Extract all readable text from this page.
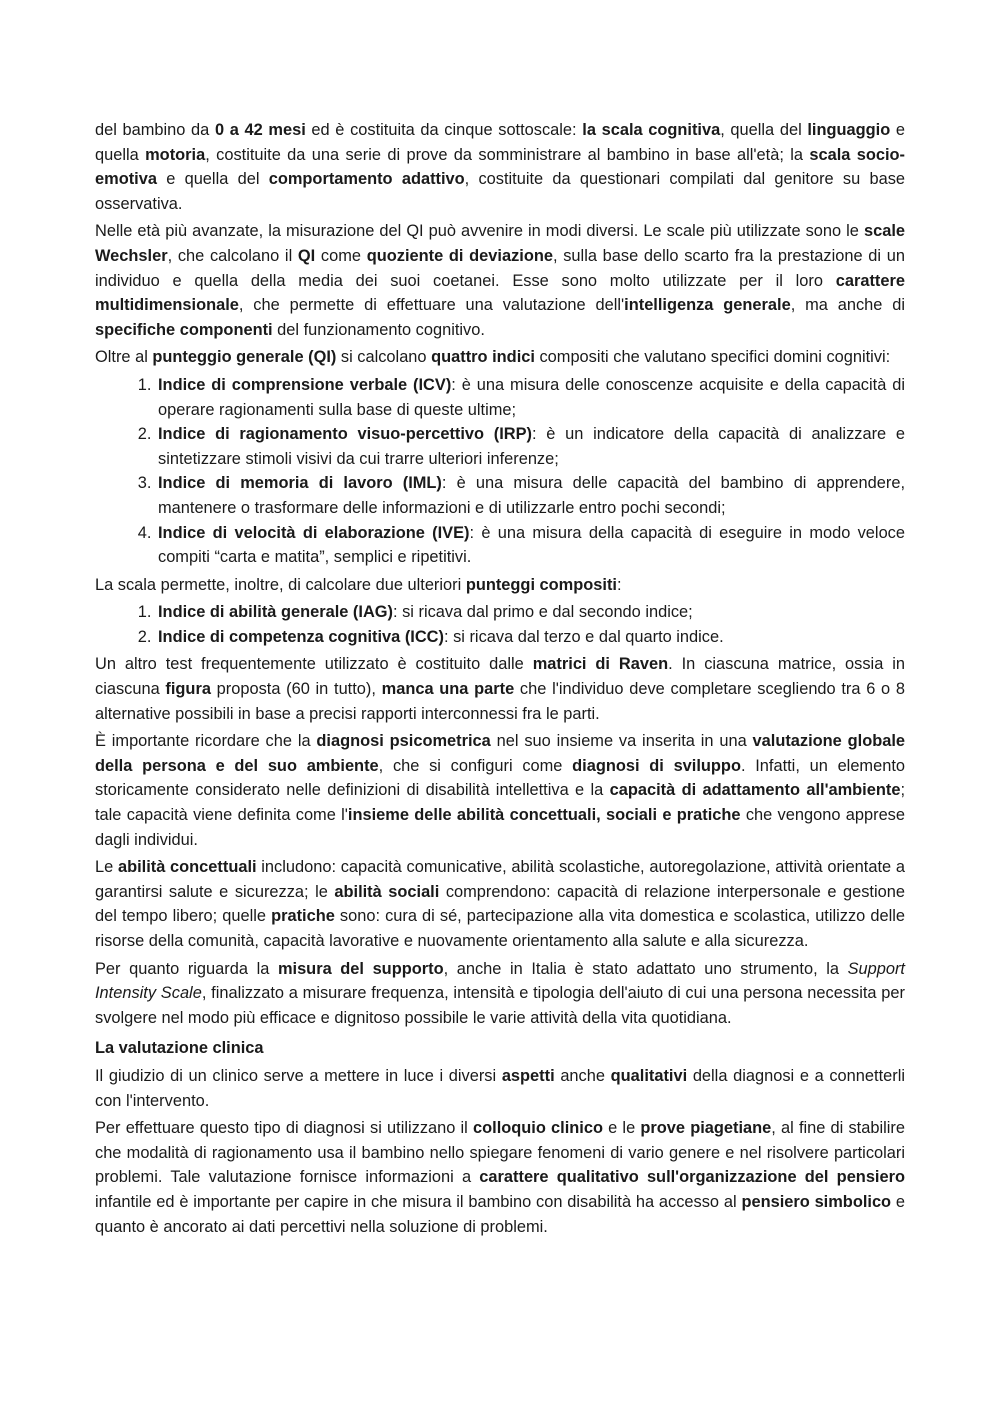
del bambino da 0 a 42 mesi ed è costituita da cinque sottoscale: la scala cognitiva, quella del linguaggio e quella motoria, costituite da una serie di prove da somministrare al bambino in base all'età; la scala socio-emotiva e quella del comportamento adattivo, costituite da questionari compilati dal genitore su base osservativa.

Nelle età più avanzate, la misurazione del QI può avvenire in modi diversi. Le scale più utilizzate sono le scale Wechsler, che calcolano il QI come quoziente di deviazione, sulla base dello scarto fra la prestazione di un individuo e quella della media dei suoi coetanei. Esse sono molto utilizzate per il loro carattere multidimensionale, che permette di effettuare una valutazione dell'intelligenza generale, ma anche di specifiche componenti del funzionamento cognitivo.

Oltre al punteggio generale (QI) si calcolano quattro indici compositi che valutano specifici domini cognitivi:

1. Indice di comprensione verbale (ICV): è una misura delle conoscenze acquisite e della capacità di operare ragionamenti sulla base di queste ultime;
2. Indice di ragionamento visuo-percettivo (IRP): è un indicatore della capacità di analizzare e sintetizzare stimoli visivi da cui trarre ulteriori inferenze;
3. Indice di memoria di lavoro (IML): è una misura delle capacità del bambino di apprendere, mantenere o trasformare delle informazioni e di utilizzarle entro pochi secondi;
4. Indice di velocità di elaborazione (IVE): è una misura della capacità di eseguire in modo veloce compiti “carta e matita”, semplici e ripetitivi.

La scala permette, inoltre, di calcolare due ulteriori punteggi compositi:

1. Indice di abilità generale (IAG): si ricava dal primo e dal secondo indice;
2. Indice di competenza cognitiva (ICC): si ricava dal terzo e dal quarto indice.

Un altro test frequentemente utilizzato è costituito dalle matrici di Raven. In ciascuna matrice, ossia in ciascuna figura proposta (60 in tutto), manca una parte che l'individuo deve completare scegliendo tra 6 o 8 alternative possibili in base a precisi rapporti interconnessi fra le parti.

È importante ricordare che la diagnosi psicometrica nel suo insieme va inserita in una valutazione globale della persona e del suo ambiente, che si configuri come diagnosi di sviluppo. Infatti, un elemento storicamente considerato nelle definizioni di disabilità intellettiva e la capacità di adattamento all'ambiente; tale capacità viene definita come l'insieme delle abilità concettuali, sociali e pratiche che vengono apprese dagli individui.

Le abilità concettuali includono: capacità comunicative, abilità scolastiche, autoregolazione, attività orientate a garantirsi salute e sicurezza; le abilità sociali comprendono: capacità di relazione interpersonale e gestione del tempo libero; quelle pratiche sono: cura di sé, partecipazione alla vita domestica e scolastica, utilizzo delle risorse della comunità, capacità lavorative e nuovamente orientamento alla salute e alla sicurezza.

Per quanto riguarda la misura del supporto, anche in Italia è stato adattato uno strumento, la Support Intensity Scale, finalizzato a misurare frequenza, intensità e tipologia dell'aiuto di cui una persona necessita per svolgere nel modo più efficace e dignitoso possibile le varie attività della vita quotidiana.

La valutazione clinica

Il giudizio di un clinico serve a mettere in luce i diversi aspetti anche qualitativi della diagnosi e a connetterli con l'intervento.

Per effettuare questo tipo di diagnosi si utilizzano il colloquio clinico e le prove piagetiane, al fine di stabilire che modalità di ragionamento usa il bambino nello spiegare fenomeni di vario genere e nel risolvere particolari problemi. Tale valutazione fornisce informazioni a carattere qualitativo sull'organizzazione del pensiero infantile ed è importante per capire in che misura il bambino con disabilità ha accesso al pensiero simbolico e quanto è ancorato ai dati percettivi nella soluzione di problemi.
